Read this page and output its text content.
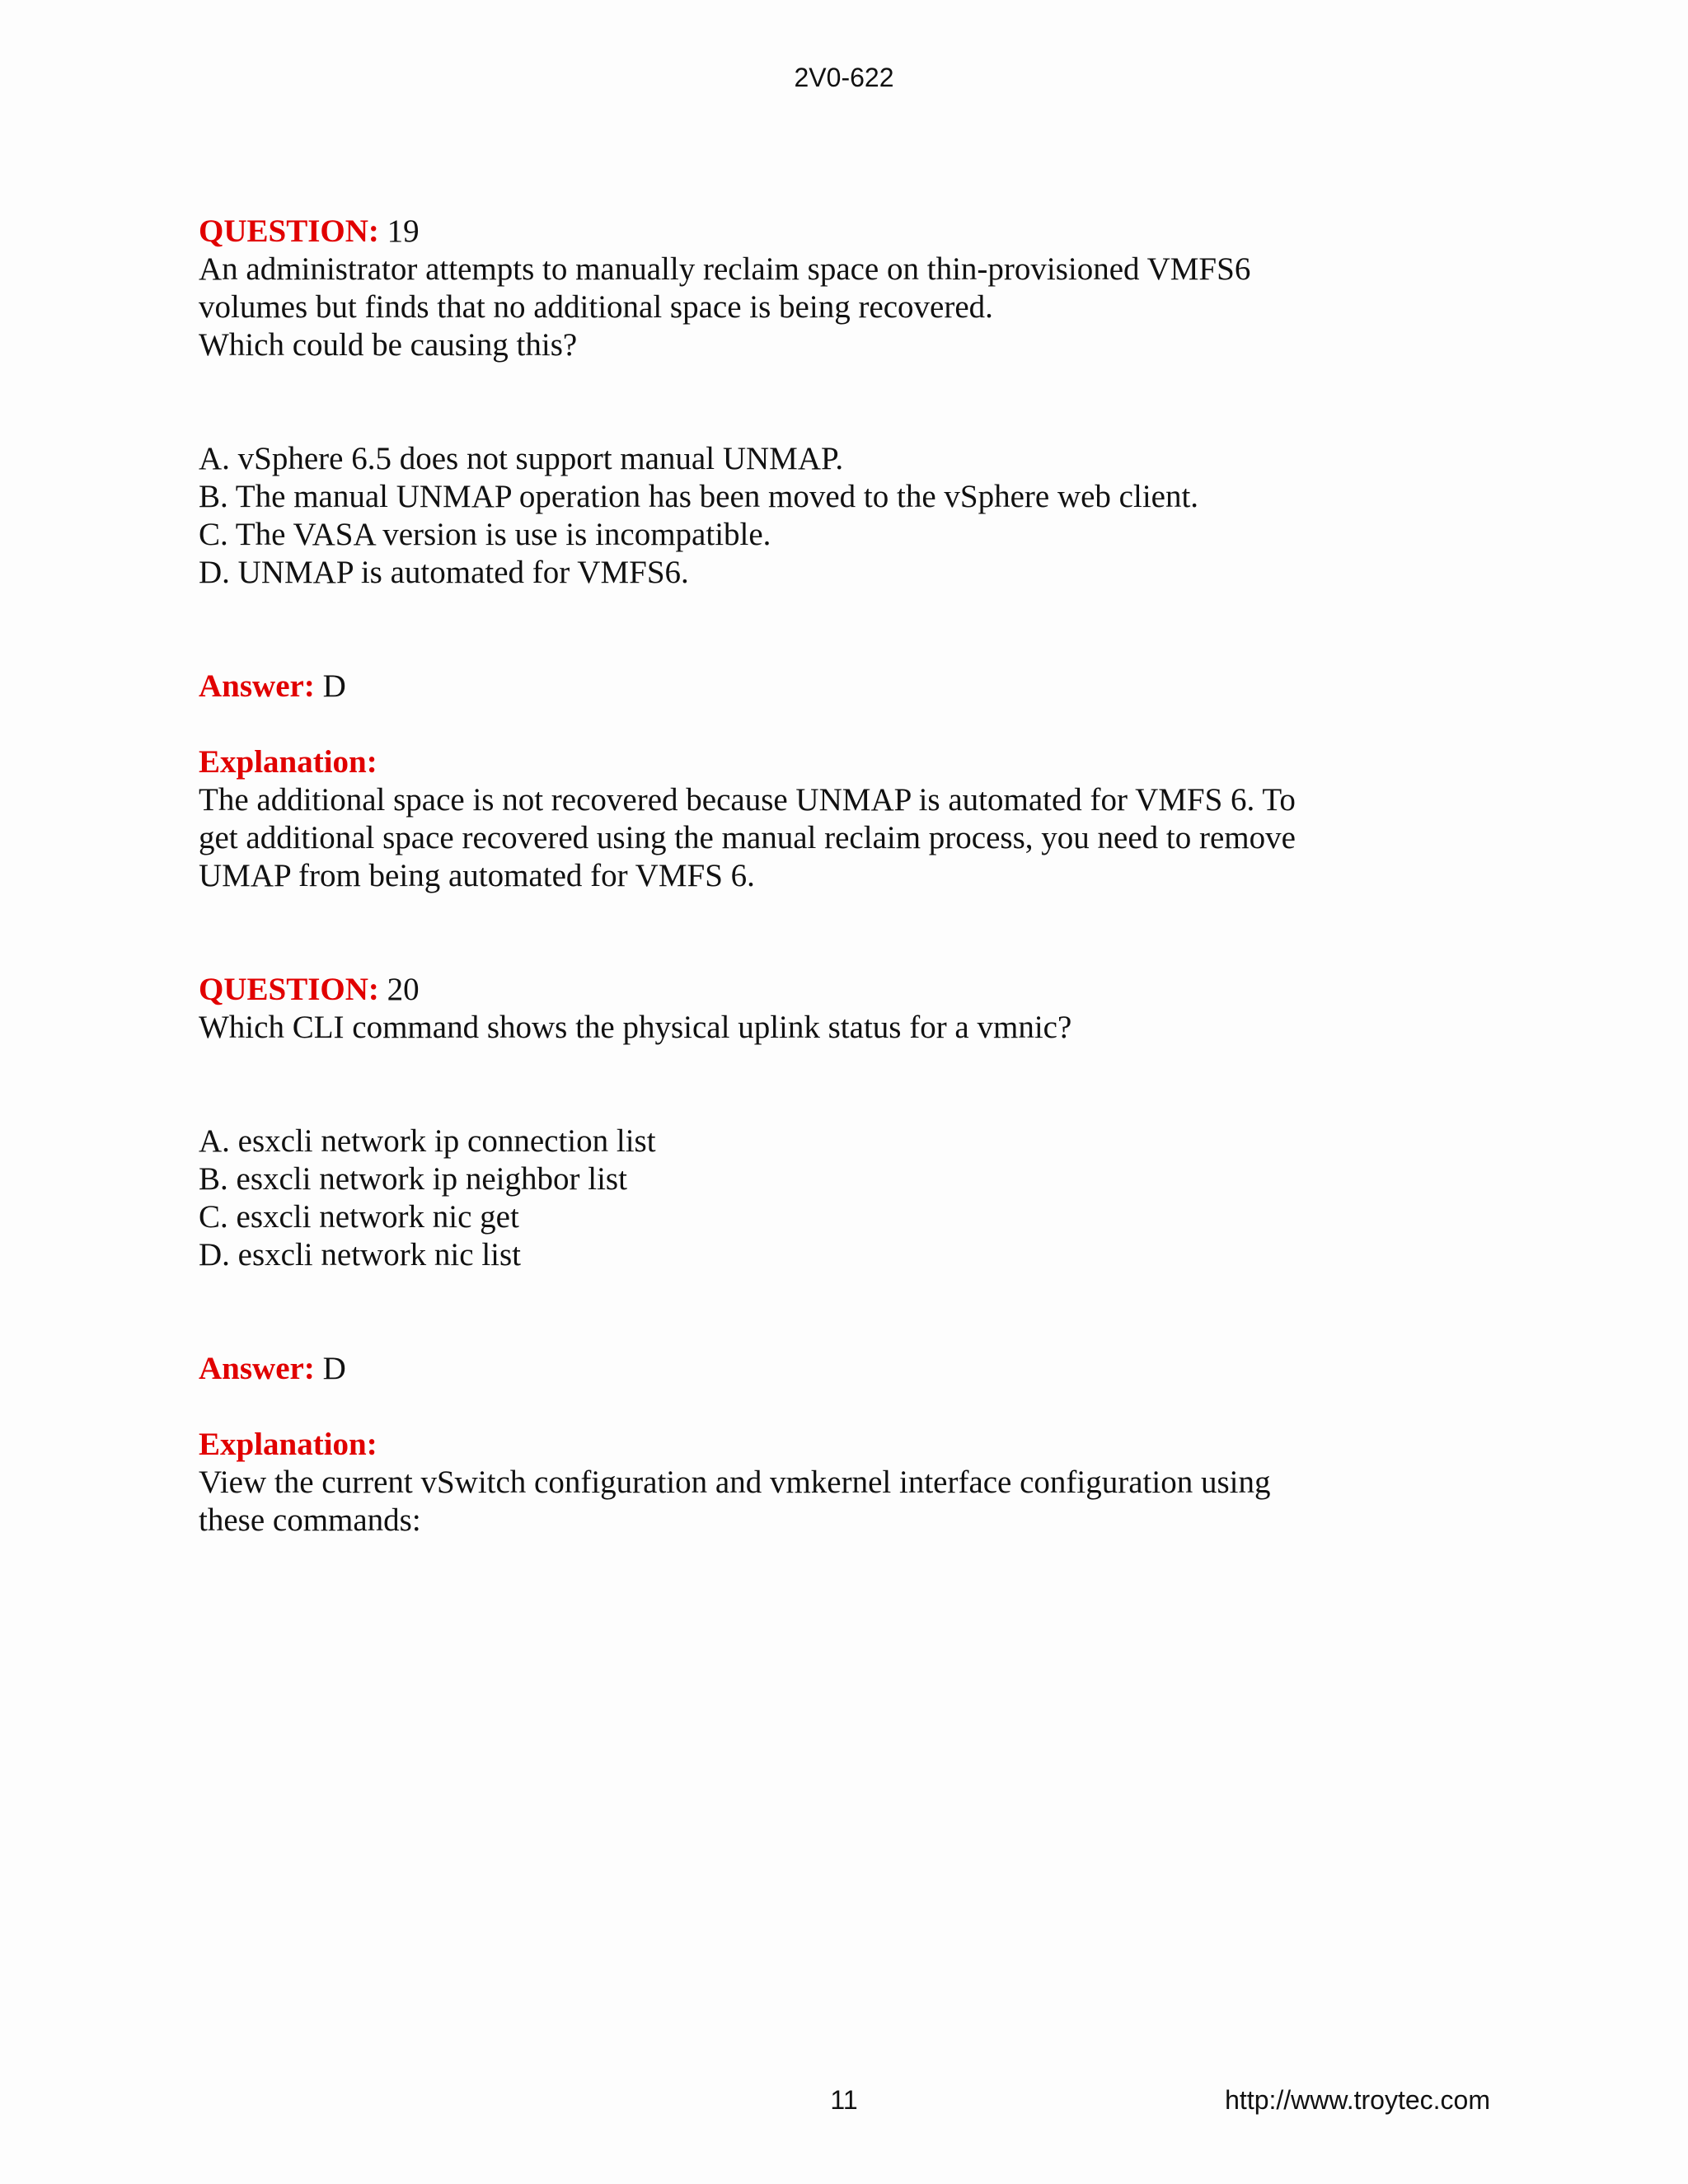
2V0-622
QUESTION: 19
An administrator attempts to manually reclaim space on thin-provisioned VMFS6
volumes but finds that no additional space is being recovered.
Which could be causing this?
A. vSphere 6.5 does not support manual UNMAP.
B. The manual UNMAP operation has been moved to the vSphere web client.
C. The VASA version is use is incompatible.
D. UNMAP is automated for VMFS6.
Answer: D
Explanation:
The additional space is not recovered because UNMAP is automated for VMFS 6. To
get additional space recovered using the manual reclaim process, you need to remove
UMAP from being automated for VMFS 6.
QUESTION: 20
Which CLI command shows the physical uplink status for a vmnic?
A. esxcli network ip connection list
B. esxcli network ip neighbor list
C. esxcli network nic get
D. esxcli network nic list
Answer: D
Explanation:
View the current vSwitch configuration and vmkernel interface configuration using
these commands:
11	http://www.troytec.com
